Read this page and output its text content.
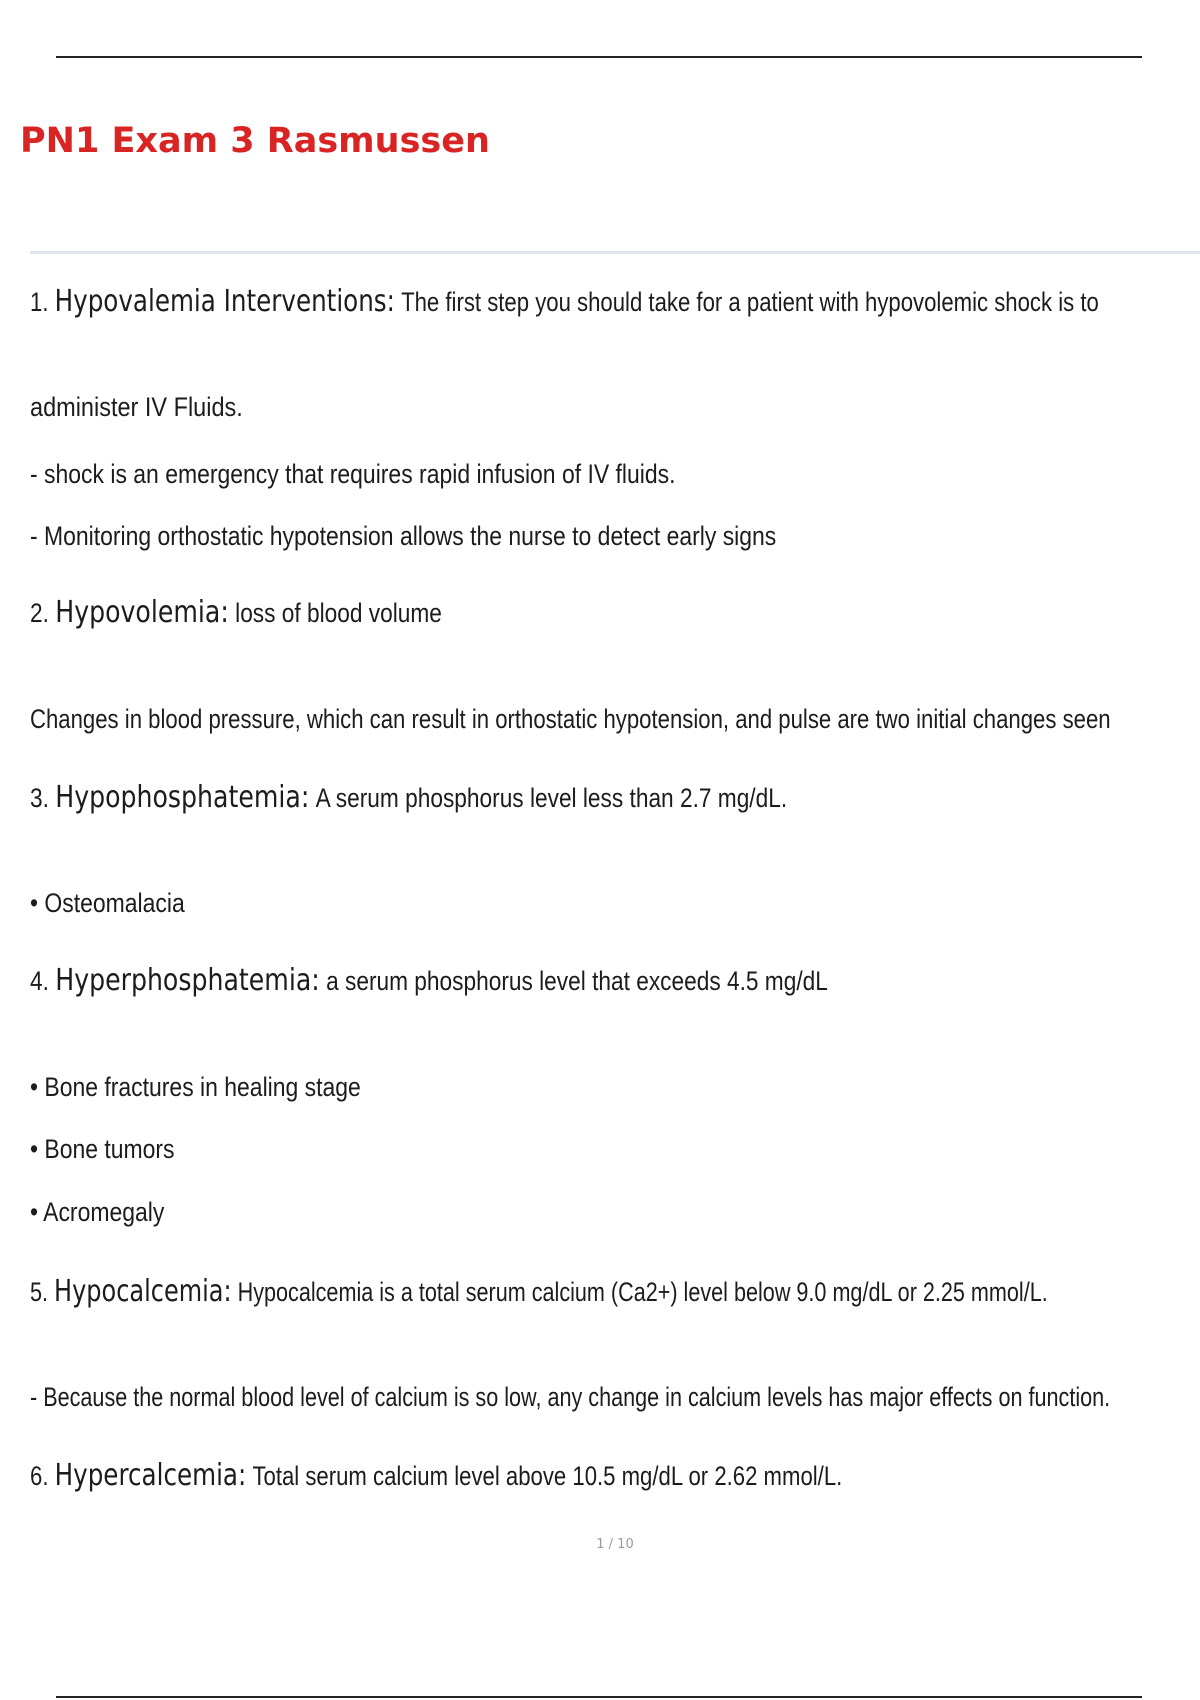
PN1 Exam 3 Rasmussen

1. Hypovalemia Interventions: The first step you should take for a patient with hypovolemic shock is to

administer IV Fluids.

- shock is an emergency that requires rapid infusion of IV fluids.

- Monitoring orthostatic hypotension allows the nurse to detect early signs

2. Hypovolemia: loss of blood volume

Changes in blood pressure, which can result in orthostatic hypotension, and pulse are two initial changes seen

3. Hypophosphatemia: A serum phosphorus level less than 2.7 mg/dL.

• Osteomalacia

4. Hyperphosphatemia: a serum phosphorus level that exceeds 4.5 mg/dL

• Bone fractures in healing stage

• Bone tumors

• Acromegaly

5. Hypocalcemia: Hypocalcemia is a total serum calcium (Ca2+) level below 9.0 mg/dL or 2.25 mmol/L.

- Because the normal blood level of calcium is so low, any change in calcium levels has major effects on function.

6. Hypercalcemia: Total serum calcium level above 10.5 mg/dL or 2.62 mmol/L.

1 / 10
